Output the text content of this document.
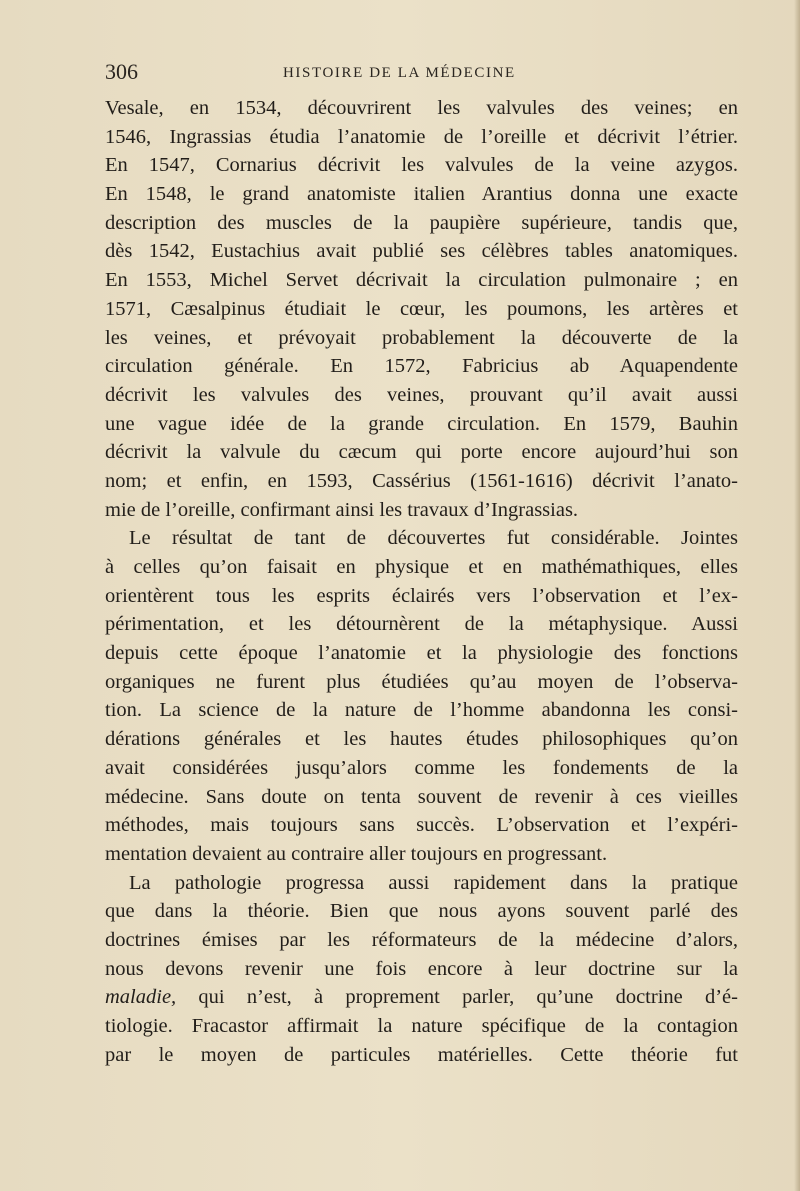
306	HISTOIRE DE LA MÉDECINE
Vesale, en 1534, découvrirent les valvules des veines; en
1546, Ingrassias étudia l’anatomie de l’oreille et décrivit l’étrier.
En 1547, Cornarius décrivit les valvules de la veine azygos.
En 1548, le grand anatomiste italien Arantius donna une exacte
description des muscles de la paupière supérieure, tandis que,
dès 1542, Eustachius avait publié ses célèbres tables anatomiques.
En 1553, Michel Servet décrivait la circulation pulmonaire ; en
1571, Cæsalpinus étudiait le cœur, les poumons, les artères et
les veines, et prévoyait probablement la découverte de la
circulation générale. En 1572, Fabricius ab Aquapendente
décrivit les valvules des veines, prouvant qu’il avait aussi
une vague idée de la grande circulation. En 1579, Bauhin
décrivit la valvule du cæcum qui porte encore aujourd’hui son
nom; et enfin, en 1593, Cassérius (1561-1616) décrivit l’anato-
mie de l’oreille, confirmant ainsi les travaux d’Ingrassias.
Le résultat de tant de découvertes fut considérable. Jointes
à celles qu’on faisait en physique et en mathémathiques, elles
orientèrent tous les esprits éclairés vers l’observation et l’ex-
périmentation, et les détournèrent de la métaphysique. Aussi
depuis cette époque l’anatomie et la physiologie des fonctions
organiques ne furent plus étudiées qu’au moyen de l’observa-
tion. La science de la nature de l’homme abandonna les consi-
dérations générales et les hautes études philosophiques qu’on
avait considérées jusqu’alors comme les fondements de la
médecine. Sans doute on tenta souvent de revenir à ces vieilles
méthodes, mais toujours sans succès. L’observation et l’expéri-
mentation devaient au contraire aller toujours en progressant.
La pathologie progressa aussi rapidement dans la pratique
que dans la théorie. Bien que nous ayons souvent parlé des
doctrines émises par les réformateurs de la médecine d’alors,
nous devons revenir une fois encore à leur doctrine sur la
maladie, qui n’est, à proprement parler, qu’une doctrine d’é-
tiologie. Fracastor affirmait la nature spécifique de la contagion
par le moyen de particules matérielles. Cette théorie fut
